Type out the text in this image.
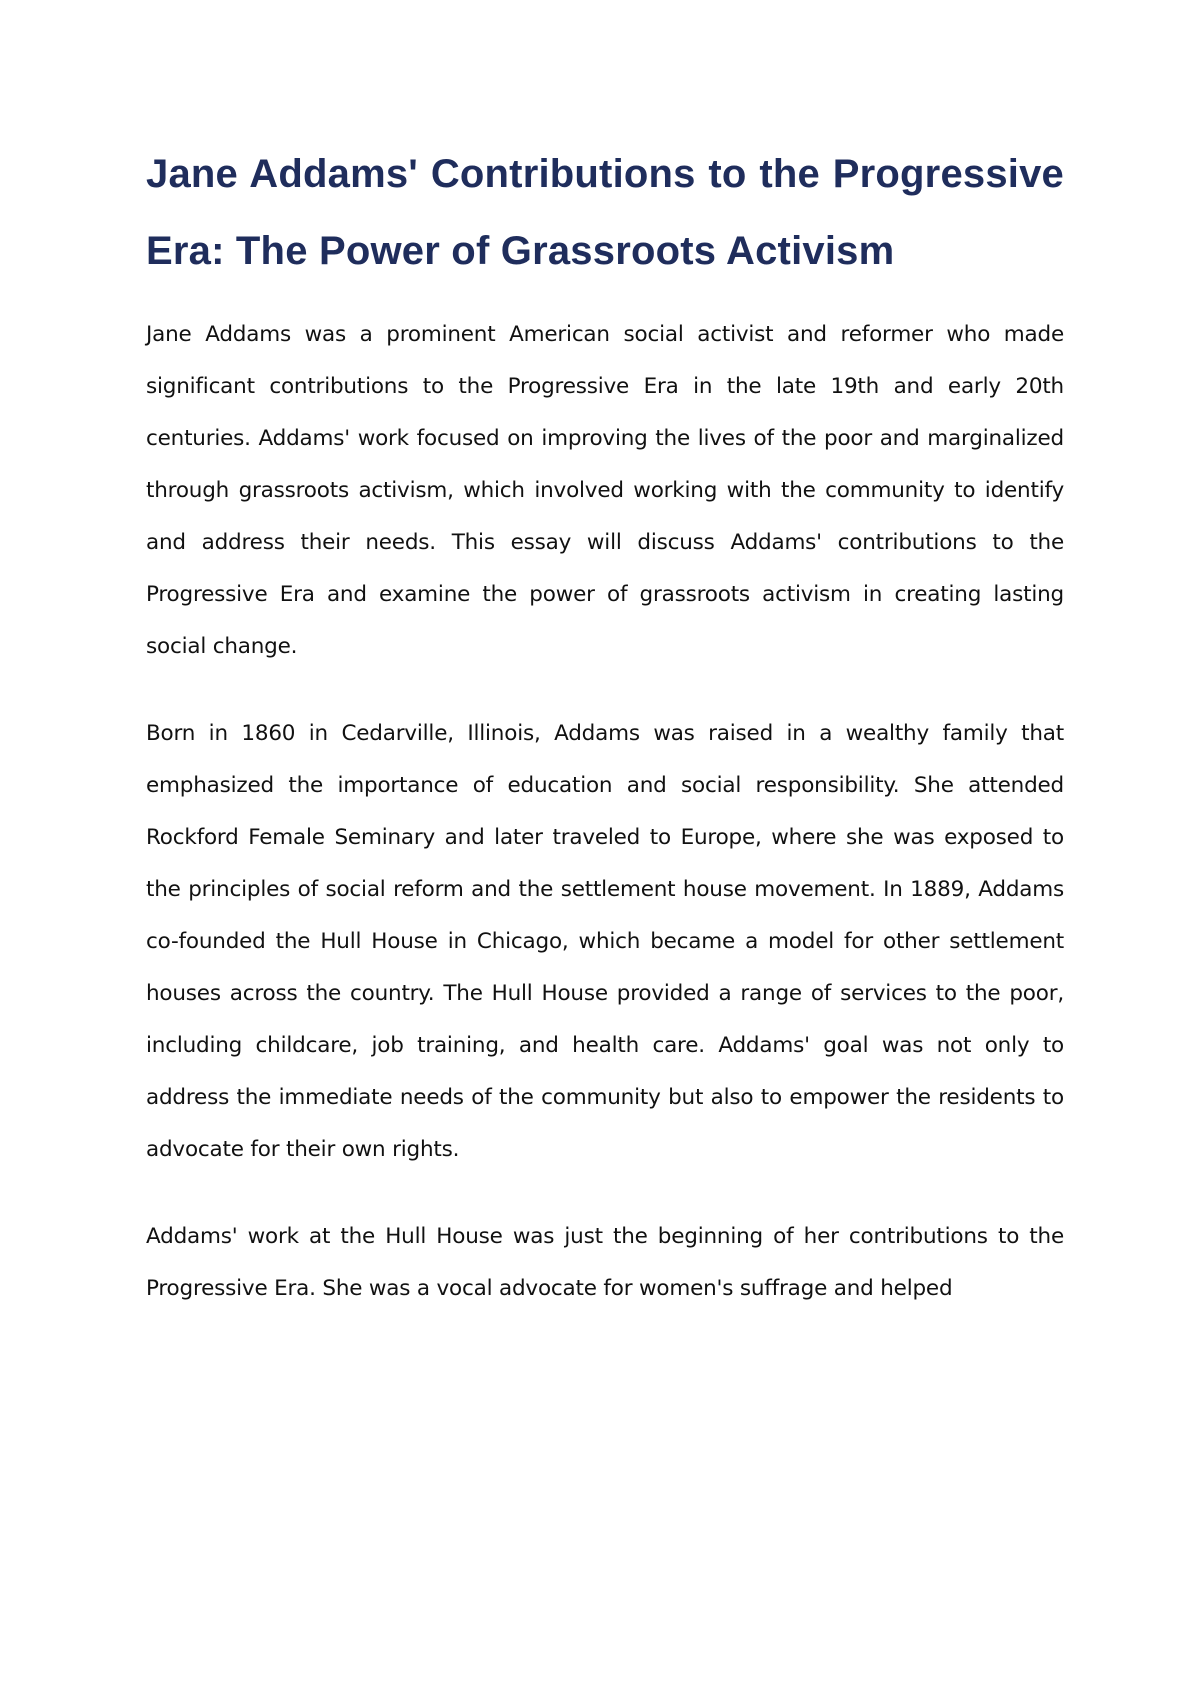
Jane Addams' Contributions to the Progressive Era: The Power of Grassroots Activism

Jane Addams was a prominent American social activist and reformer who made significant contributions to the Progressive Era in the late 19th and early 20th centuries. Addams' work focused on improving the lives of the poor and marginalized through grassroots activism, which involved working with the community to identify and address their needs. This essay will discuss Addams' contributions to the Progressive Era and examine the power of grassroots activism in creating lasting social change.

Born in 1860 in Cedarville, Illinois, Addams was raised in a wealthy family that emphasized the importance of education and social responsibility. She attended Rockford Female Seminary and later traveled to Europe, where she was exposed to the principles of social reform and the settlement house movement. In 1889, Addams co-founded the Hull House in Chicago, which became a model for other settlement houses across the country. The Hull House provided a range of services to the poor, including childcare, job training, and health care. Addams' goal was not only to address the immediate needs of the community but also to empower the residents to advocate for their own rights.

Addams' work at the Hull House was just the beginning of her contributions to the Progressive Era. She was a vocal advocate for women's suffrage and helped
